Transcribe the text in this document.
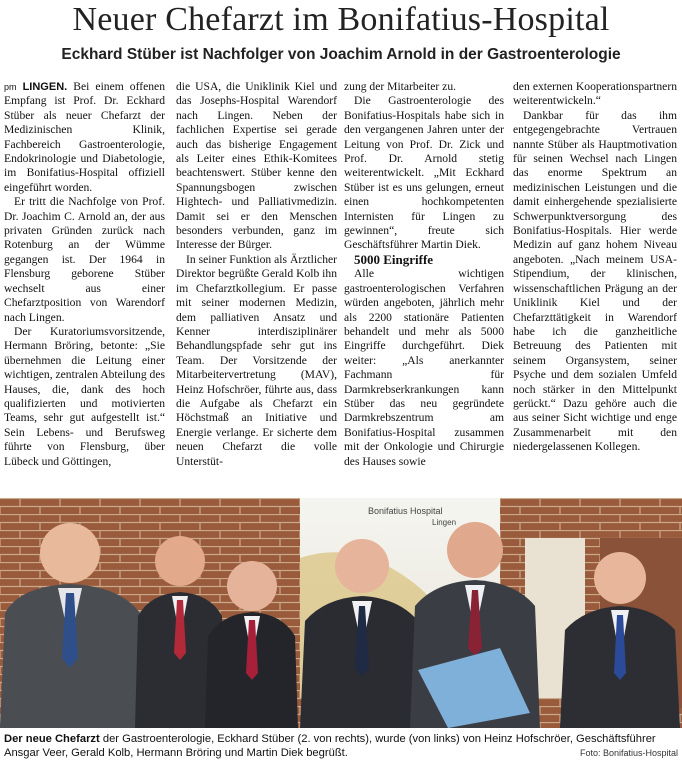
Neuer Chefarzt im Bonifatius-Hospital
Eckhard Stüber ist Nachfolger von Joachim Arnold in der Gastroenterologie

pm LINGEN. Bei einem offenen Empfang ist Prof. Dr. Eckhard Stüber als neuer Chefarzt der Medizinischen Klinik, Fachbereich Gastroenterologie, Endokrinologie und Diabetologie, im Bonifatius-Hospital offiziell eingeführt worden.

Er tritt die Nachfolge von Prof. Dr. Joachim C. Arnold an, der aus privaten Gründen zurück nach Rotenburg an der Wümme gegangen ist. Der 1964 in Flensburg geborene Stüber wechselt aus einer Chefarztposition von Warendorf nach Lingen.

Der Kuratoriumsvorsitzende, Hermann Bröring, betonte: „Sie übernehmen die Leitung einer wichtigen, zentralen Abteilung des Hauses, die, dank des hoch qualifizierten und motivierten Teams, sehr gut aufgestellt ist.“ Sein Lebens- und Berufsweg führte von Flensburg, über Lübeck und Göttingen,

die USA, die Uniklinik Kiel und das Josephs-Hospital Warendorf nach Lingen. Neben der fachlichen Expertise sei gerade auch das bisherige Engagement als Leiter eines Ethik-Komitees beachtenswert. Stüber kenne den Spannungsbogen zwischen Hightech- und Palliativmedizin. Damit sei er den Menschen besonders verbunden, ganz im Interesse der Bürger.

In seiner Funktion als Ärztlicher Direktor begrüßte Gerald Kolb ihn im Chefarztkollegium. Er passe mit seiner modernen Medizin, dem palliativen Ansatz und Kenner interdisziplinärer Behandlungspfade sehr gut ins Team. Der Vorsitzende der Mitarbeitervertretung (MAV), Heinz Hofschröer, führte aus, dass die Aufgabe als Chefarzt ein Höchstmaß an Initiative und Energie verlange. Er sicherte dem neuen Chefarzt die volle Unterstüt-

zung der Mitarbeiter zu.

Die Gastroenterologie des Bonifatius-Hospitals habe sich in den vergangenen Jahren unter der Leitung von Prof. Dr. Zick und Prof. Dr. Arnold stetig weiterentwickelt. „Mit Eckhard Stüber ist es uns gelungen, erneut einen hochkompetenten Internisten für Lingen zu gewinnen“, freute sich Geschäftsführer Martin Diek.

5000 Eingriffe

Alle wichtigen gastroenterologischen Verfahren würden angeboten, jährlich mehr als 2200 stationäre Patienten behandelt und mehr als 5000 Eingriffe durchgeführt. Diek weiter: „Als anerkannter Fachmann für Darmkrebserkrankungen kann Stüber das neu gegründete Darmkrebszentrum am Bonifatius-Hospital zusammen mit der Onkologie und Chirurgie des Hauses sowie

den externen Kooperationspartnern weiterentwickeln.“

Dankbar für das ihm entgegengebrachte Vertrauen nannte Stüber als Hauptmotivation für seinen Wechsel nach Lingen das enorme Spektrum an medizinischen Leistungen und die damit einhergehende spezialisierte Schwerpunktversorgung des Bonifatius-Hospitals. Hier werde Medizin auf ganz hohem Niveau angeboten. „Nach meinem USA-Stipendium, der klinischen, wissenschaftlichen Prägung an der Uniklinik Kiel und der Chefarzttätigkeit in Warendorf habe ich die ganzheitliche Betreuung des Patienten mit seinem Organsystem, seiner Psyche und dem sozialen Umfeld noch stärker in den Mittelpunkt gerückt.“ Dazu gehöre auch die aus seiner Sicht wichtige und enge Zusammenarbeit mit den niedergelassenen Kollegen.

Bonifatius Hospital
Lingen
Der neue Chefarzt der Gastroenterologie, Eckhard Stüber (2. von rechts), wurde (von links) von Heinz Hofschröer, Geschäftsführer Ansgar Veer, Gerald Kolb, Hermann Bröring und Martin Diek begrüßt.	Foto: Bonifatius-Hospital
